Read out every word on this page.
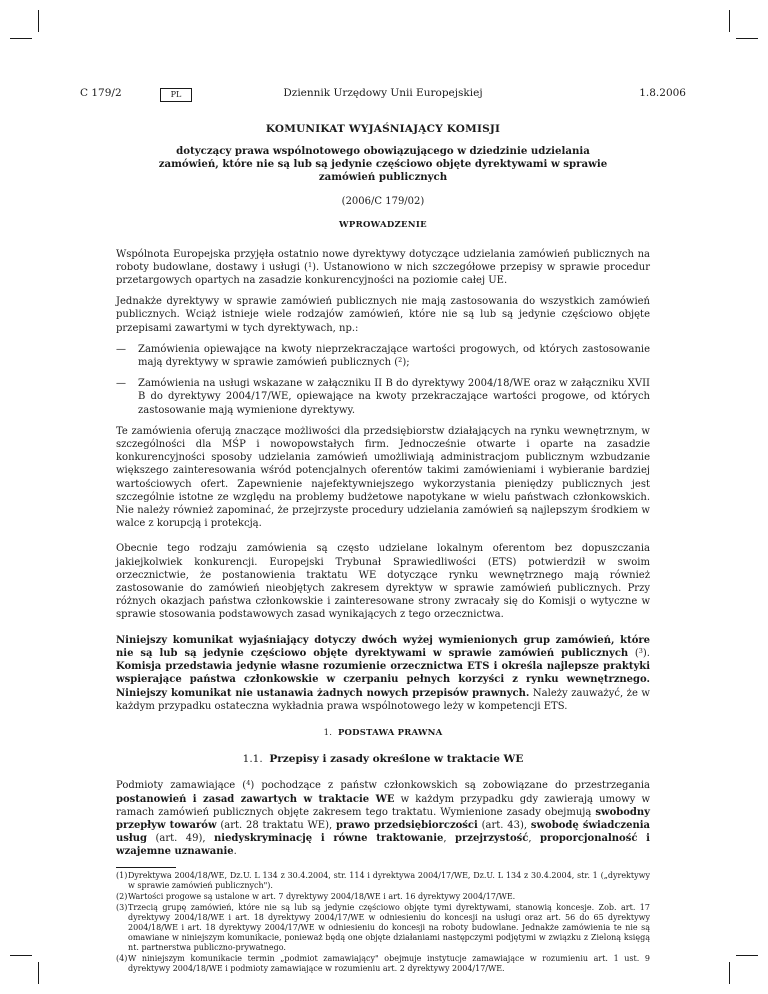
C 179/2	Dziennik Urzędowy Unii Europejskiej
PL	1.8.2006
KOMUNIKAT WYJAŚNIAJĄCY KOMISJI
dotyczący prawa wspólnotowego obowiązującego w dziedzinie udzielania zamówień, które nie są lub są jedynie częściowo objęte dyrektywami w sprawie zamówień publicznych
(2006/C 179/02)
WPROWADZENIE

Wspólnota Europejska przyjęła ostatnio nowe dyrektywy dotyczące udzielania zamówień publicznych na roboty budowlane, dostawy i usługi ($^1$). Ustanowiono w nich szczegółowe przepisy w sprawie procedur przetargowych opartych na zasadzie konkurencyjności na poziomie całej UE.

Jednakże dyrektywy w sprawie zamówień publicznych nie mają zastosowania do wszystkich zamówień publicznych. Wciąż istnieje wiele rodzajów zamówień, które nie są lub są jedynie częściowo objęte przepisami zawartymi w tych dyrektywach, np.:

—	Zamówienia opiewające na kwoty nieprzekraczające wartości progowych, od których zastosowanie mają dyrektywy w sprawie zamówień publicznych ($^2$);
—	Zamówienia na usługi wskazane w załączniku II B do dyrektywy 2004/18/WE oraz w załączniku XVII B do dyrektywy 2004/17/WE, opiewające na kwoty przekraczające wartości progowe, od których zastosowanie mają wymienione dyrektywy.

Te zamówienia oferują znaczące możliwości dla przedsiębiorstw działających na rynku wewnętrznym, w szczególności dla MŚP i nowopowstałych firm. Jednocześnie otwarte i oparte na zasadzie konkurencyjności sposoby udzielania zamówień umożliwiają administracjom publicznym wzbudzanie większego zainteresowania wśród potencjalnych oferentów takimi zamówieniami i wybieranie bardziej wartościowych ofert. Zapewnienie najefektywniejszego wykorzystania pieniędzy publicznych jest szczególnie istotne ze względu na problemy budżetowe napotykane w wielu państwach członkowskich. Nie należy również zapominać, że przejrzyste procedury udzielania zamówień są najlepszym środkiem w walce z korupcją i protekcją.

Obecnie tego rodzaju zamówienia są często udzielane lokalnym oferentom bez dopuszczania jakiejkolwiek konkurencji. Europejski Trybunał Sprawiedliwości (ETS) potwierdził w swoim orzecznictwie, że postanowienia traktatu WE dotyczące rynku wewnętrznego mają również zastosowanie do zamówień nieobjętych zakresem dyrektyw w sprawie zamówień publicznych. Przy różnych okazjach państwa członkowskie i zainteresowane strony zwracały się do Komisji o wytyczne w sprawie stosowania podstawowych zasad wynikających z tego orzecznictwa.

Niniejszy komunikat wyjaśniający dotyczy dwóch wyżej wymienionych grup zamówień, które nie są lub są jedynie częściowo objęte dyrektywami w sprawie zamówień publicznych ($^3$). Komisja przedstawia jedynie własne rozumienie orzecznictwa ETS i określa najlepsze praktyki wspierające państwa członkowskie w czerpaniu pełnych korzyści z rynku wewnętrznego. Niniejszy komunikat nie ustanawia żadnych nowych przepisów prawnych. Należy zauważyć, że w każdym przypadku ostateczna wykładnia prawa wspólnotowego leży w kompetencji ETS.

1. PODSTAWA PRAWNA
1.1. Przepisy i zasady określone w traktacie WE

Podmioty zamawiające ($^4$) pochodzące z państw członkowskich są zobowiązane do przestrzegania postanowień i zasad zawartych w traktacie WE w każdym przypadku gdy zawierają umowy w ramach zamówień publicznych objęte zakresem tego traktatu. Wymienione zasady obejmują swobodny przepływ towarów (art. 28 traktatu WE), prawo przedsiębiorczości (art. 43), swobodę świadczenia usług (art. 49), niedyskryminację i równe traktowanie, przejrzystość, proporcjonalność i wzajemne uznawanie.

(1) Dyrektywa 2004/18/WE, Dz.U. L 134 z 30.4.2004, str. 114 i dyrektywa 2004/17/WE, Dz.U. L 134 z 30.4.2004, str. 1 („dyrektywy w sprawie zamówień publicznych").
(2) Wartości progowe są ustalone w art. 7 dyrektywy 2004/18/WE i art. 16 dyrektywy 2004/17/WE.
(3) Trzecią grupę zamówień, które nie są lub są jedynie częściowo objęte tymi dyrektywami, stanowią koncesje. Zob. art. 17 dyrektywy 2004/18/WE i art. 18 dyrektywy 2004/17/WE w odniesieniu do koncesji na usługi oraz art. 56 do 65 dyrektywy 2004/18/WE i art. 18 dyrektywy 2004/17/WE w odniesieniu do koncesji na roboty budowlane. Jednakże zamówienia te nie są omawiane w niniejszym komunikacie, ponieważ będą one objęte działaniami następczymi podjętymi w związku z Zieloną księgą nt. partnerstwa publiczno-prywatnego.
(4) W niniejszym komunikacie termin „podmiot zamawiający" obejmuje instytucje zamawiające w rozumieniu art. 1 ust. 9 dyrektywy 2004/18/WE i podmioty zamawiające w rozumieniu art. 2 dyrektywy 2004/17/WE.
